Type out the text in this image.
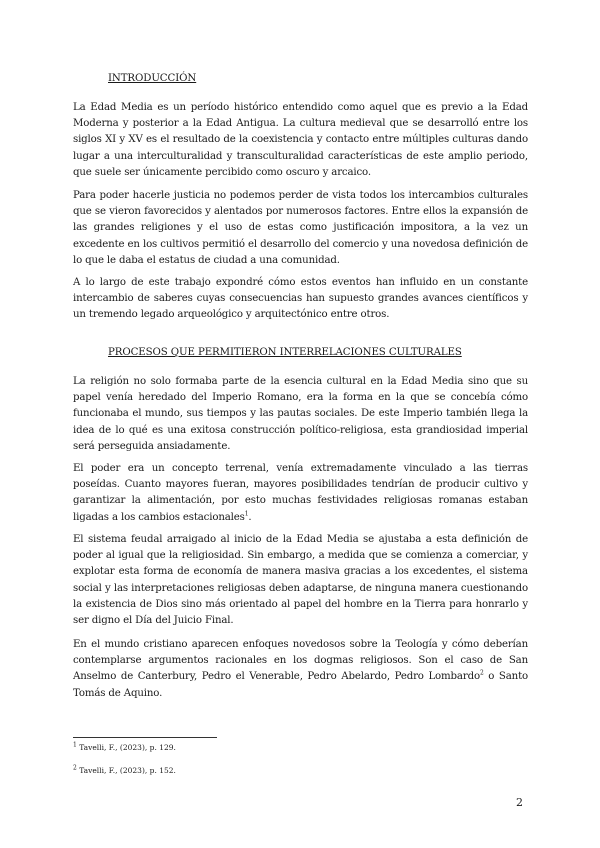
INTRODUCCIÓN

La Edad Media es un período histórico entendido como aquel que es previo a la Edad Moderna y posterior a la Edad Antigua. La cultura medieval que se desarrolló entre los siglos XI y XV es el resultado de la coexistencia y contacto entre múltiples culturas dando lugar a una interculturalidad y transculturalidad características de este amplio periodo, que suele ser únicamente percibido como oscuro y arcaico.

Para poder hacerle justicia no podemos perder de vista todos los intercambios culturales que se vieron favorecidos y alentados por numerosos factores. Entre ellos la expansión de las grandes religiones y el uso de estas como justificación impositora, a la vez un excedente en los cultivos permitió el desarrollo del comercio y una novedosa definición de lo que le daba el estatus de ciudad a una comunidad.

A lo largo de este trabajo expondré cómo estos eventos han influido en un constante intercambio de saberes cuyas consecuencias han supuesto grandes avances científicos y un tremendo legado arqueológico y arquitectónico entre otros.

PROCESOS QUE PERMITIERON INTERRELACIONES CULTURALES

La religión no solo formaba parte de la esencia cultural en la Edad Media sino que su papel venía heredado del Imperio Romano, era la forma en la que se concebía cómo funcionaba el mundo, sus tiempos y las pautas sociales. De este Imperio también llega la idea de lo qué es una exitosa construcción político-religiosa, esta grandiosidad imperial será perseguida ansiadamente.

El poder era un concepto terrenal, venía extremadamente vinculado a las tierras poseídas. Cuanto mayores fueran, mayores posibilidades tendrían de producir cultivo y garantizar la alimentación, por esto muchas festividades religiosas romanas estaban ligadas a los cambios estacionales$^1$.

El sistema feudal arraigado al inicio de la Edad Media se ajustaba a esta definición de poder al igual que la religiosidad. Sin embargo, a medida que se comienza a comerciar, y explotar esta forma de economía de manera masiva gracias a los excedentes, el sistema social y las interpretaciones religiosas deben adaptarse, de ninguna manera cuestionando la existencia de Dios sino más orientado al papel del hombre en la Tierra para honrarlo y ser digno el Día del Juicio Final.

En el mundo cristiano aparecen enfoques novedosos sobre la Teología y cómo deberían contemplarse argumentos racionales en los dogmas religiosos. Son el caso de San Anselmo de Canterbury, Pedro el Venerable, Pedro Abelardo, Pedro Lombardo$^2$ o Santo Tomás de Aquino.

$^1$ Tavelli, F., (2023), p. 129.
$^2$ Tavelli, F., (2023), p. 152.
2
